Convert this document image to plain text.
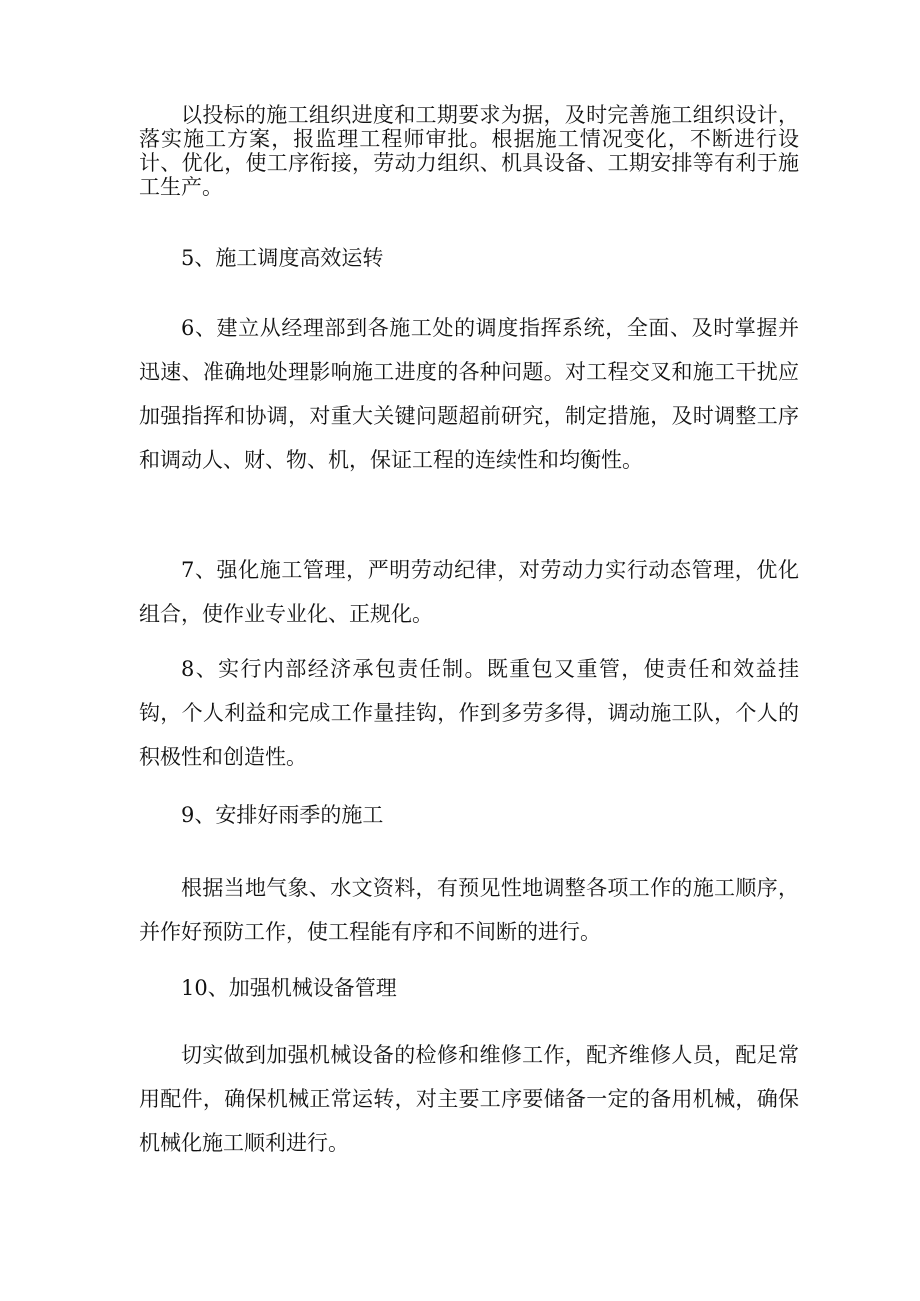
以投标的施工组织进度和工期要求为据，及时完善施工组织设计，落实施工方案，报监理工程师审批。根据施工情况变化，不断进行设计、优化，使工序衔接，劳动力组织、机具设备、工期安排等有利于施工生产。

5、施工调度高效运转

6、建立从经理部到各施工处的调度指挥系统，全面、及时掌握并迅速、准确地处理影响施工进度的各种问题。对工程交叉和施工干扰应加强指挥和协调，对重大关键问题超前研究，制定措施，及时调整工序和调动人、财、物、机，保证工程的连续性和均衡性。

7、强化施工管理，严明劳动纪律，对劳动力实行动态管理，优化组合，使作业专业化、正规化。

8、实行内部经济承包责任制。既重包又重管，使责任和效益挂钩，个人利益和完成工作量挂钩，作到多劳多得，调动施工队，个人的积极性和创造性。

9、安排好雨季的施工

根据当地气象、水文资料，有预见性地调整各项工作的施工顺序，并作好预防工作，使工程能有序和不间断的进行。

10、加强机械设备管理

切实做到加强机械设备的检修和维修工作，配齐维修人员，配足常用配件，确保机械正常运转，对主要工序要储备一定的备用机械，确保机械化施工顺利进行。
